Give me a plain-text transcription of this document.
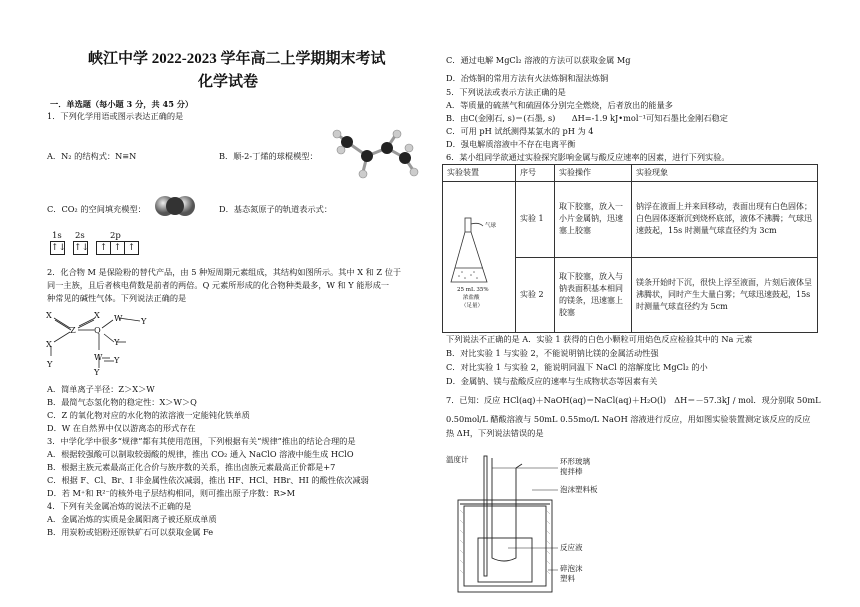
峡江中学 2022-2023 学年高二上学期期末考试
化学试卷
一．单选题（每小题 3 分，共 45 分）
1．下列化学用语或图示表达正确的是
A．N₂ 的结构式：N≡N	B．顺-2-丁烯的球棍模型：
C．CO₂ 的空间填充模型：	D．基态氮原子的轨道表示式：
1s
↑↓
2s
↑↓
2p
↑ ↑ ↑
2．化合物 M 是保险粉的替代产品，由 5 种短周期元素组成，其结构如图所示。其中 X 和 Z 位于
同一主族，且后者核电荷数是前者的两倍。Q 元素所形成的化合物种类最多，W 和 Y 能形成一
种常见的碱性气体。下列说法正确的是
X
Z
X
Y
X
Q
W Y
Y
W Y
Y
A．简单离子半径：Z＞X＞W
B．最简气态氢化物的稳定性：X＞W＞Q
C．Z 的氧化物对应的水化物的浓溶液一定能钝化铁单质
D．W 在自然界中仅以游离态的形式存在
3．中学化学中很多“规律”都有其使用范围，下列根据有关“规律”推出的结论合理的是
A．根据较强酸可以制取较弱酸的规律，推出 CO₂ 通入 NaClO 溶液中能生成 HClO
B．根据主族元素最高正化合价与族序数的关系，推出卤族元素最高正价都是+7
C．根据 F、Cl、Br、I 非金属性依次减弱，推出 HF、HCl、HBr、HI 的酸性依次减弱
D．若 M⁺和 R²⁻的核外电子层结构相同，则可推出原子序数：R>M
4．下列有关金属冶炼的说法不正确的是
A．金属冶炼的实质是金属阳离子被还原成单质
B．用炭粉或铝粉还原铁矿石可以获取金属 Fe
C．通过电解 MgCl₂ 溶液的方法可以获取金属 Mg
D．冶炼铜的常用方法有火法炼铜和湿法炼铜
5．下列说法或表示方法正确的是
A．等质量的硫蒸气和硫固体分别完全燃烧，后者放出的能量多
B．由C(金刚石, s)＝(石墨, s)　　ΔH=-1.9 kJ•mol⁻¹可知石墨比金刚石稳定
C．可用 pH 试纸测得某氯水的 pH 为 4
D．强电解质溶液中不存在电离平衡
6．某小组同学欲通过实验探究影响金属与酸反应速率的因素，进行下列实验。
实验装置	序号	实验操作	实验现象

气球
25 mL 35%
浓盐酸
（足量）	实验 1	取下胶塞，放入一小片金属钠，迅速塞上胶塞	钠浮在液面上并来回移动，表面出现有白色固体；白色固体逐渐沉到烧杯底部，液体不沸腾；气球迅速鼓起，15s 时测量气球直径约为 3cm
	实验 2	取下胶塞，放入与钠表面积基本相同的镁条，迅速塞上胶塞	镁条开始时下沉，很快上浮至液面，片刻后液体呈沸腾状，同时产生大量白雾；气球迅速鼓起，15s 时测量气球直径约为 5cm
下列说法不正确的是 A．实验 1 获得的白色小颗粒可用焰色反应检验其中的 Na 元素
B．对比实验 1 与实验 2，不能说明钠比镁的金属活动性强
C．对比实验 1 与实验 2，能说明同温下 NaCl 的溶解度比 MgCl₂ 的小
D．金属钠、镁与盐酸反应的速率与生成物状态等因素有关
7．已知：反应 HCl(aq)＋NaOH(aq)＝NaCl(aq)＋H₂O(l)　ΔH＝－57.3kJ / mol．现分别取 50mL
0.50mol/L 醋酸溶液与 50mL 0.55mo/L NaOH 溶液进行反应，用如图实验装置测定该反应的反应
热 ΔH，下列说法错误的是
温度计	环形玻璃
搅拌棒
泡沫塑料板
反应液
碎泡沫
塑料
